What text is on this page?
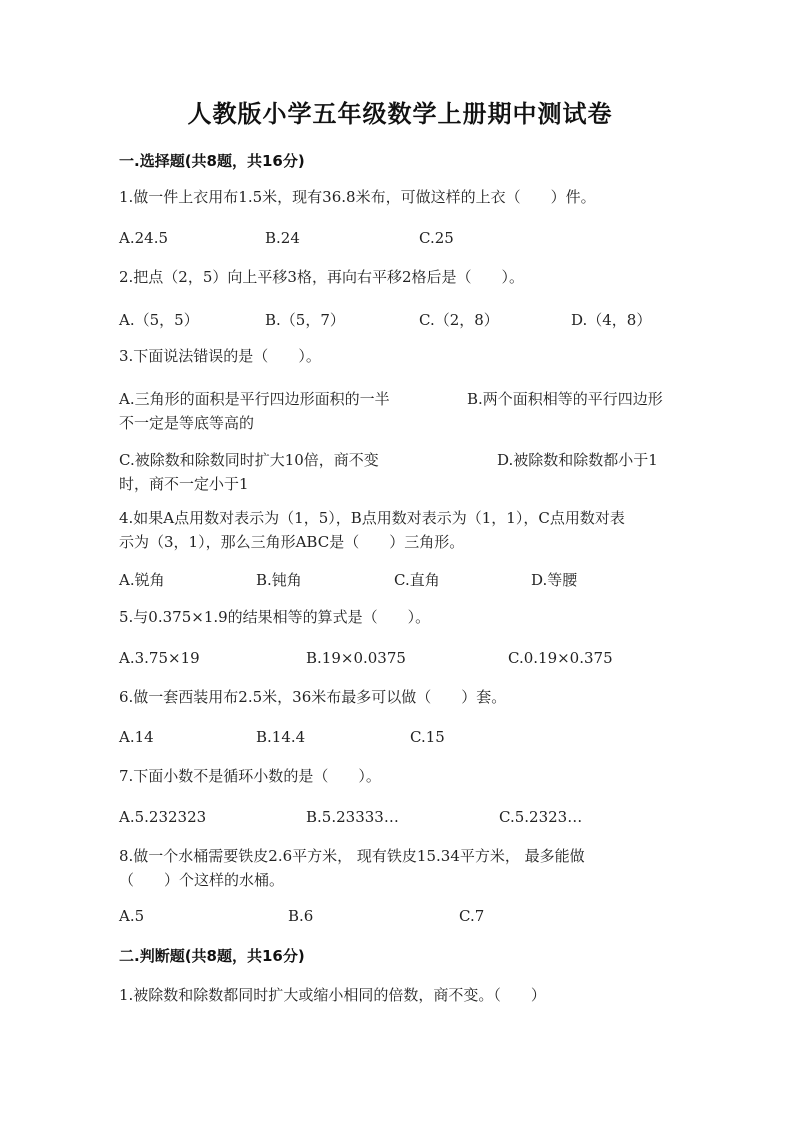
人教版小学五年级数学上册期中测试卷
一.选择题(共8题，共16分)
1.做一件上衣用布1.5米，现有36.8米布，可做这样的上衣（　　）件。
A.24.5	B.24	C.25
2.把点（2，5）向上平移3格，再向右平移2格后是（　　）。
A.（5，5）	B.（5，7）	C.（2，8）	D.（4，8）
3.下面说法错误的是（　　）。
A.三角形的面积是平行四边形面积的一半	B.两个面积相等的平行四边形
不一定是等底等高的
C.被除数和除数同时扩大10倍，商不变	D.被除数和除数都小于1
时，商不一定小于1
4.如果A点用数对表示为（1，5），B点用数对表示为（1，1），C点用数对表
示为（3，1），那么三角形ABC是（　　）三角形。
A.锐角	B.钝角	C.直角	D.等腰
5.与0.375×1.9的结果相等的算式是（　　）。
A.3.75×19	B.19×0.0375	C.0.19×0.375
6.做一套西装用布2.5米，36米布最多可以做（　　）套。
A.14	B.14.4	C.15
7.下面小数不是循环小数的是（　　）。
A.5.232323	B.5.23333…	C.5.2323…
8.做一个水桶需要铁皮2.6平方米， 现有铁皮15.34平方米， 最多能做
（　　）个这样的水桶。
A.5	B.6	C.7
二.判断题(共8题，共16分)
1.被除数和除数都同时扩大或缩小相同的倍数，商不变。（　　）
